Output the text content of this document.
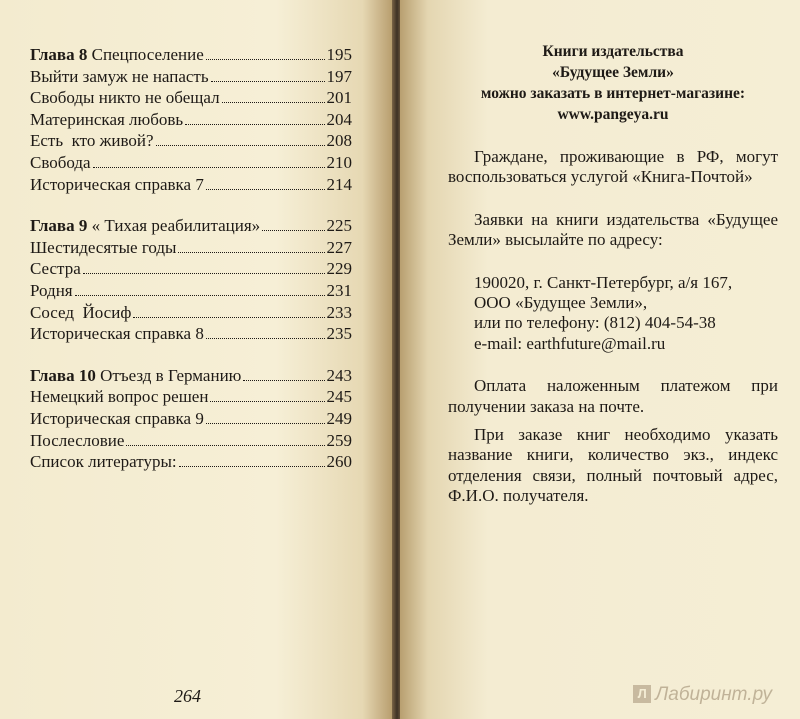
Глава 8 Спецпоселение	195
Выйти замуж не напасть	197
Свободы никто не обещал	201
Материнская любовь	204
Есть  кто живой?	208
Свобода	210
Историческая справка 7	214
Глава 9 « Тихая реабилитация»	225
Шестидесятые годы	227
Сестра	229
Родня	231
Сосед  Йосиф	233
Историческая справка 8	235
Глава 10 Отъезд в Германию	243
Немецкий вопрос решен	245
Историческая справка 9	249
Послесловие	259
Список литературы:	260
264
Книги издательства
«Будущее Земли»
можно заказать в интернет-магазине:
www.pangeya.ru

Граждане, проживающие в РФ, могут воспользоваться услугой «Книга-Почтой»

Заявки на книги издательства «Будущее Земли» высылайте по адресу:

190020, г. Санкт-Петербург, а/я 167,
ООО «Будущее Земли»,
или по телефону: (812) 404-54-38
e-mail: earthfuture@mail.ru

Оплата наложенным платежом при получении заказа на почте.

При заказе книг необходимо указать название книги, количество экз., индекс отделения связи, полный почтовый адрес, Ф.И.О. получателя.

Л Лабиринт.ру
